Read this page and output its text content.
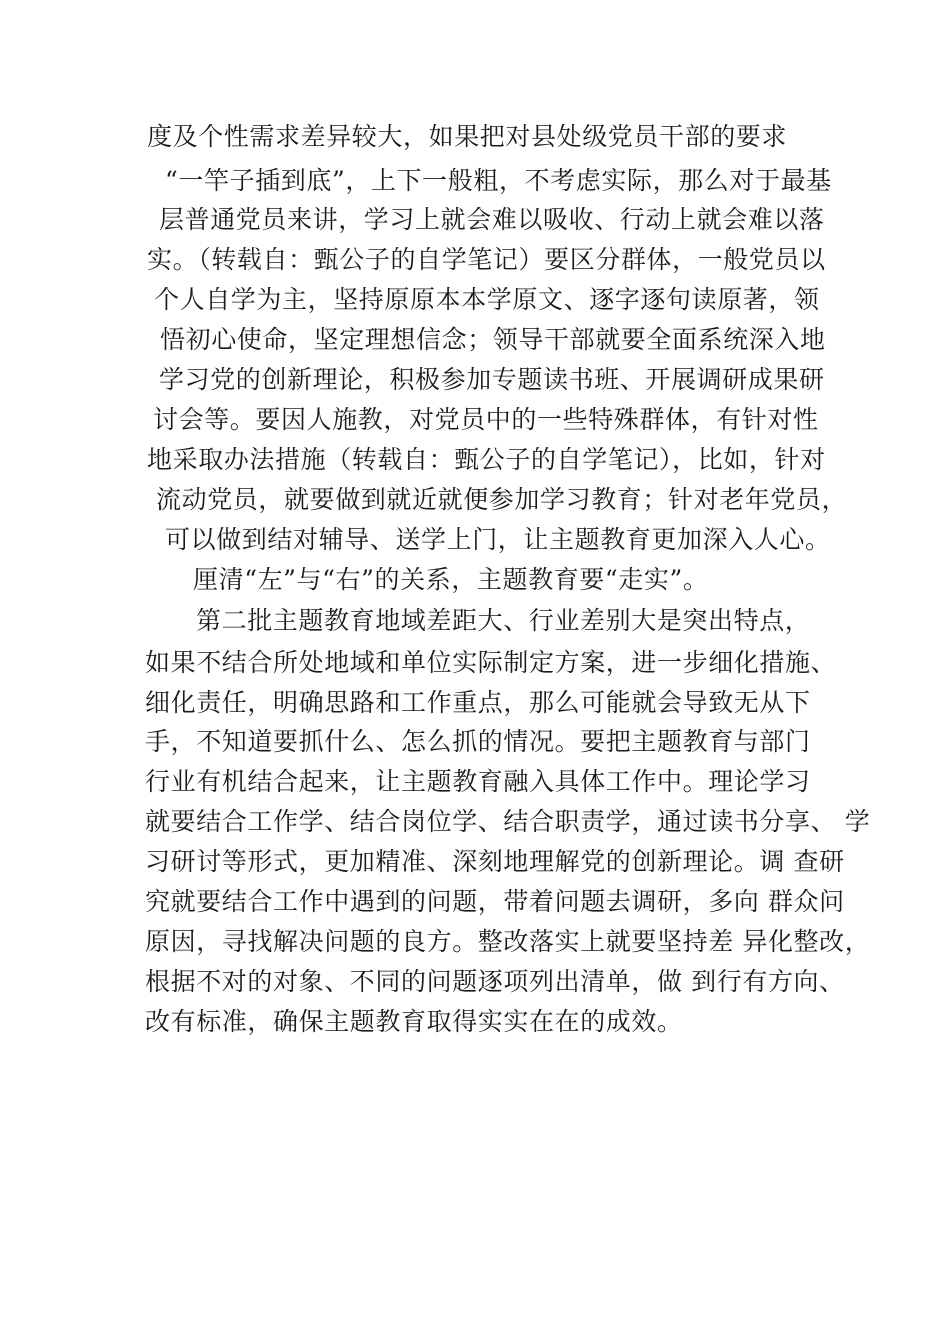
度及个性需求差异较大，如果把对县处级党员干部的要求
“一竿子插到底”，上下一般粗，不考虑实际，那么对于最基
层普通党员来讲，学习上就会难以吸收、行动上就会难以落
实。（转载自：甄公子的自学笔记）要区分群体，一般党员以
个人自学为主，坚持原原本本学原文、逐字逐句读原著，领
悟初心使命，坚定理想信念；领导干部就要全面系统深入地
学习党的创新理论，积极参加专题读书班、开展调研成果研
讨会等。要因人施教，对党员中的一些特殊群体，有针对性
地采取办法措施（转载自：甄公子的自学笔记），比如，针对
流动党员，就要做到就近就便参加学习教育；针对老年党员，
可以做到结对辅导、送学上门，让主题教育更加深入人心。
厘清“左”与“右”的关系，主题教育要“走实”。
第二批主题教育地域差距大、行业差别大是突出特点，
如果不结合所处地域和单位实际制定方案，进一步细化措施、
细化责任，明确思路和工作重点，那么可能就会导致无从下
手，不知道要抓什么、怎么抓的情况。要把主题教育与部门
行业有机结合起来，让主题教育融入具体工作中。理论学习
就要结合工作学、结合岗位学、结合职责学，通过读书分享、 学
习研讨等形式，更加精准、深刻地理解党的创新理论。调 查研
究就要结合工作中遇到的问题，带着问题去调研，多向 群众问
原因，寻找解决问题的良方。整改落实上就要坚持差 异化整改，
根据不对的对象、不同的问题逐项列出清单，做 到行有方向、
改有标准，确保主题教育取得实实在在的成效。
